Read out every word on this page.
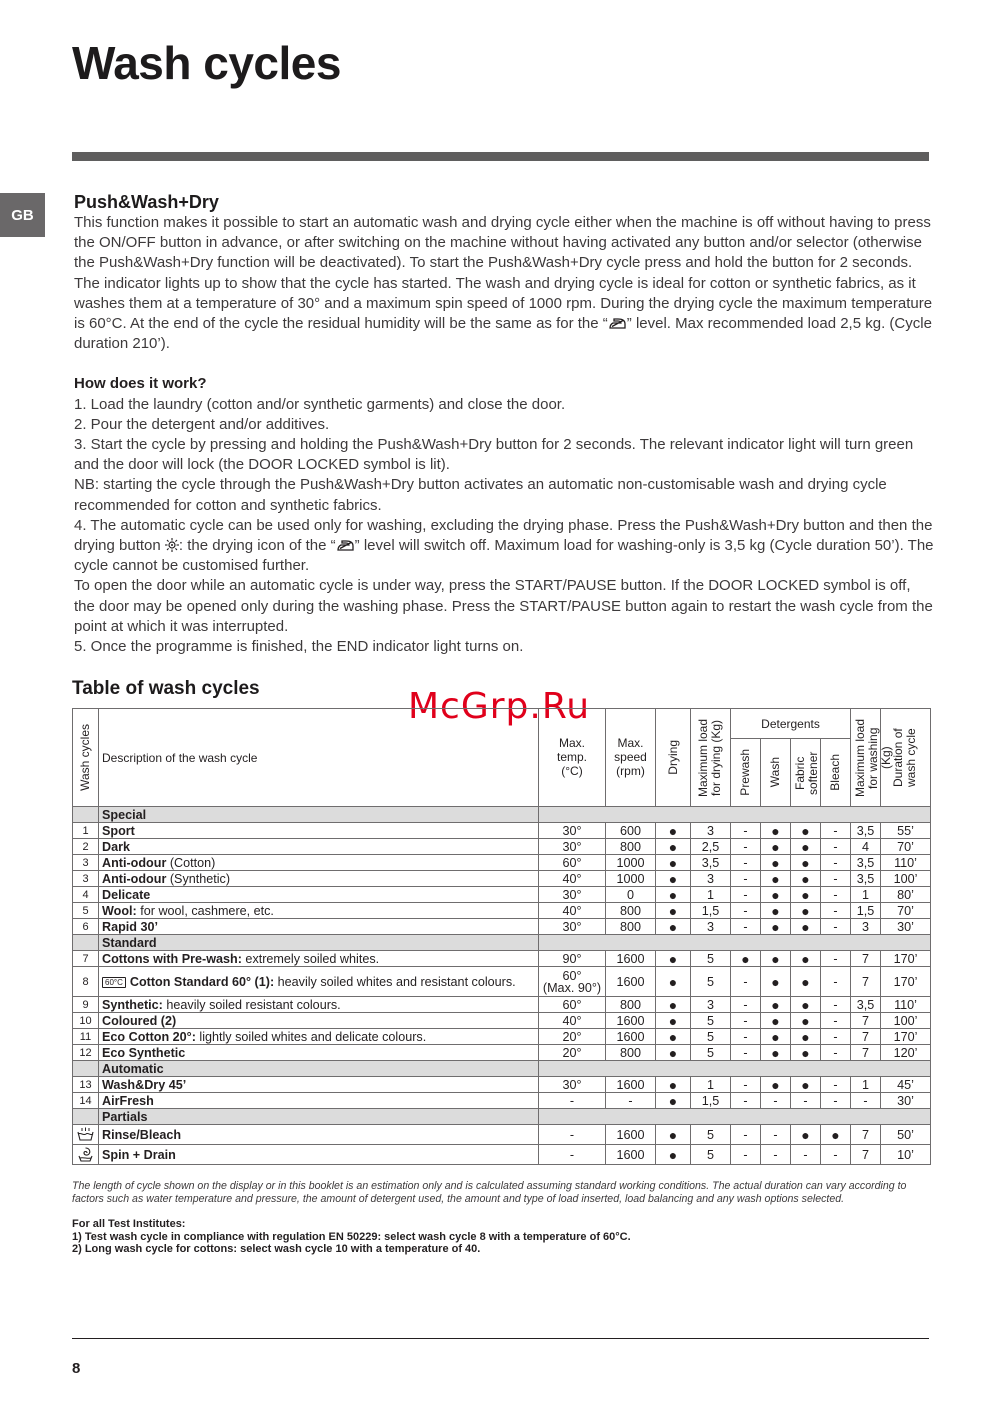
Wash cycles
GB
Push&Wash+Dry

This function makes it possible to start an automatic wash and drying cycle either when the machine is off without having to press the ON/OFF button in advance, or after switching on the machine without having activated any button and/or selector (otherwise the Push&Wash+Dry function will be deactivated). To start the Push&Wash+Dry cycle press and hold the button for 2 seconds. The indicator lights up to show that the cycle has started. The wash and drying cycle is ideal for cotton or synthetic fabrics, as it washes them at a temperature of 30° and a maximum spin speed of 1000 rpm. During the drying cycle the maximum temperature is 60°C. At the end of the cycle the residual humidity will be the same as for the “ ” level. Max recommended load 2,5 kg. (Cycle duration 210’).

How does it work?

1. Load the laundry (cotton and/or synthetic garments) and close the door.

2. Pour the detergent and/or additives.

3. Start the cycle by pressing and holding the Push&Wash+Dry button for 2 seconds. The relevant indicator light will turn green and the door will lock (the DOOR LOCKED symbol is lit).

NB: starting the cycle through the Push&Wash+Dry button activates an automatic non-customisable wash and drying cycle recommended for cotton and synthetic fabrics.

4. The automatic cycle can be used only for washing, excluding the drying phase. Press the Push&Wash+Dry button and then the drying button : the drying icon of the “ ” level will switch off. Maximum load for washing-only is 3,5 kg (Cycle duration 50’). The cycle cannot be customised further.

To open the door while an automatic cycle is under way, press the START/PAUSE button. If the DOOR LOCKED symbol is off, the door may be opened only during the washing phase. Press the START/PAUSE button again to restart the wash cycle from the point at which it was interrupted.

5. Once the programme is finished, the END indicator light turns on.

Table of wash cycles	McGrp.Ru
Wash cycles	Description of the wash cycle	Max. temp. (°C)	Max. speed (rpm)	Drying	Maximum load for drying (Kg)	Detergents				Maximum load for washing (Kg)	Duration of wash cycle

						Prewash	Wash	Fabric softener	Bleach		

	Special										
1	Sport	30°	600	●	3	-	●	●	-	3,5	55’
2	Dark	30°	800	●	2,5	-	●	●	-	4	70’
3	Anti-odour (Cotton)	60°	1000	●	3,5	-	●	●	-	3,5	110’
3	Anti-odour (Synthetic)	40°	1000	●	3	-	●	●	-	3,5	100’
4	Delicate	30°	0	●	1	-	●	●	-	1	80’
5	Wool: for wool, cashmere, etc.	40°	800	●	1,5	-	●	●	-	1,5	70’
6	Rapid 30’	30°	800	●	3	-	●	●	-	3	30’
	Standard										
7	Cottons with Pre-wash: extremely soiled whites.	90°	1600	●	5	●	●	●	-	7	170’
8	60°C Cotton Standard 60° (1): heavily soiled whites and resistant colours.	60°
(Max. 90°)	1600	●	5	-	●	●	-	7	170’
9	Synthetic: heavily soiled resistant colours.	60°	800	●	3	-	●	●	-	3,5	110’
10	Coloured (2)	40°	1600	●	5	-	●	●	-	7	100’
11	Eco Cotton 20°: lightly soiled whites and delicate colours.	20°	1600	●	5	-	●	●	-	7	170’
12	Eco Synthetic	20°	800	●	5	-	●	●	-	7	120’
	Automatic										
13	Wash&Dry 45’	30°	1600	●	1	-	●	●	-	1	45’
14	AirFresh	-	-	●	1,5	-	-	-	-	-	30’
	Partials										

	Rinse/Bleach	-	1600	●	5	-	-	●	●	7	50’

	Spin + Drain	-	1600	●	5	-	-	-	-	7	10’

The length of cycle shown on the display or in this booklet is an estimation only and is calculated assuming standard working conditions. The actual duration can vary according to factors such as water temperature and pressure, the amount of detergent used, the amount and type of load inserted, load balancing and any wash options selected.

For all Test Institutes:
1) Test wash cycle in compliance with regulation EN 50229: select wash cycle 8 with a temperature of 60°C.
2) Long wash cycle for cottons: select wash cycle 10 with a temperature of 40.
8
